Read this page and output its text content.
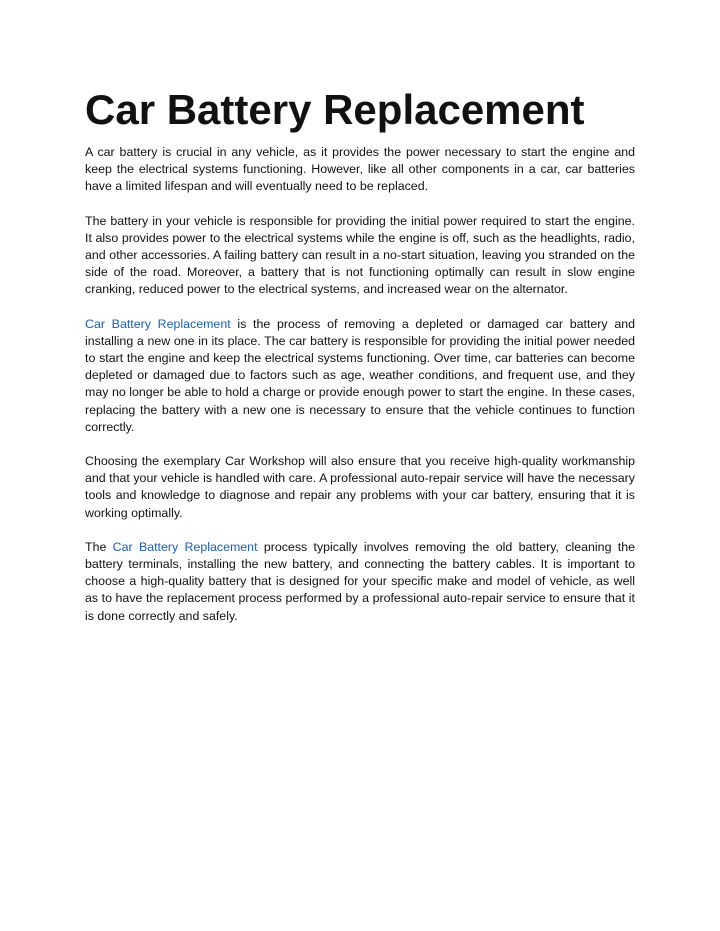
Car Battery Replacement

A car battery is crucial in any vehicle, as it provides the power necessary to start the engine and keep the electrical systems functioning. However, like all other components in a car, car batteries have a limited lifespan and will eventually need to be replaced.

The battery in your vehicle is responsible for providing the initial power required to start the engine. It also provides power to the electrical systems while the engine is off, such as the headlights, radio, and other accessories. A failing battery can result in a no-start situation, leaving you stranded on the side of the road. Moreover, a battery that is not functioning optimally can result in slow engine cranking, reduced power to the electrical systems, and increased wear on the alternator.

Car Battery Replacement is the process of removing a depleted or damaged car battery and installing a new one in its place. The car battery is responsible for providing the initial power needed to start the engine and keep the electrical systems functioning. Over time, car batteries can become depleted or damaged due to factors such as age, weather conditions, and frequent use, and they may no longer be able to hold a charge or provide enough power to start the engine. In these cases, replacing the battery with a new one is necessary to ensure that the vehicle continues to function correctly.

Choosing the exemplary Car Workshop will also ensure that you receive high-quality workmanship and that your vehicle is handled with care. A professional auto-repair service will have the necessary tools and knowledge to diagnose and repair any problems with your car battery, ensuring that it is working optimally.

The Car Battery Replacement process typically involves removing the old battery, cleaning the battery terminals, installing the new battery, and connecting the battery cables. It is important to choose a high-quality battery that is designed for your specific make and model of vehicle, as well as to have the replacement process performed by a professional auto-repair service to ensure that it is done correctly and safely.
